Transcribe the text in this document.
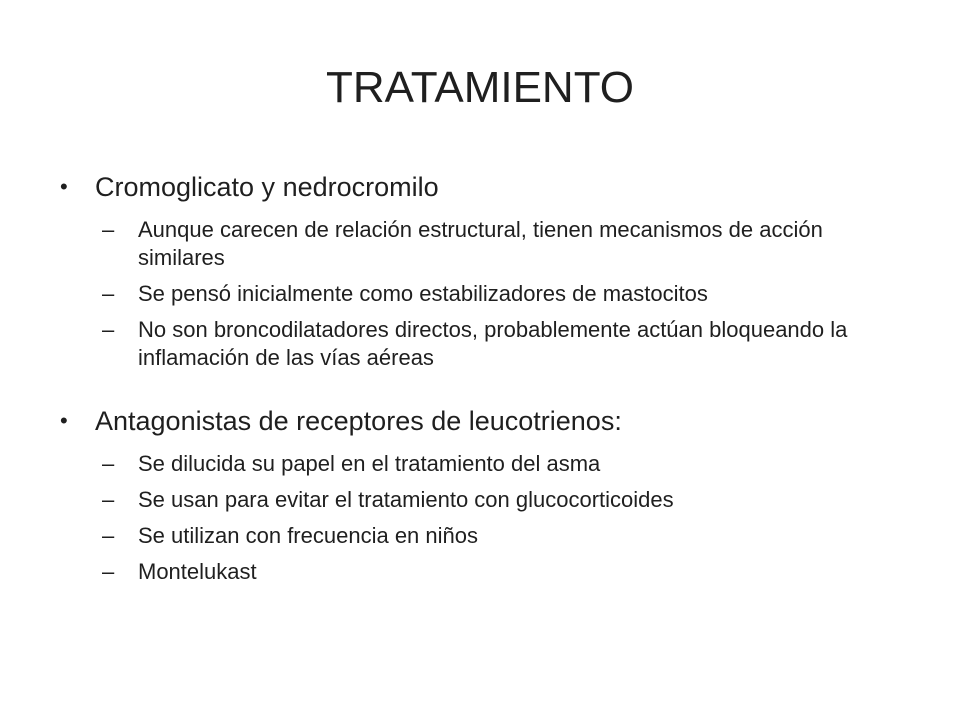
TRATAMIENTO
• Cromoglicato y nedrocromilo
– Aunque carecen de relación estructural, tienen mecanismos de acción similares
– Se pensó inicialmente como estabilizadores de mastocitos
– No son broncodilatadores directos, probablemente actúan bloqueando la inflamación de las vías aéreas
• Antagonistas de receptores de leucotrienos:
– Se dilucida su papel en el tratamiento del asma
– Se usan para evitar el tratamiento con glucocorticoides
– Se utilizan con frecuencia en niños
– Montelukast
